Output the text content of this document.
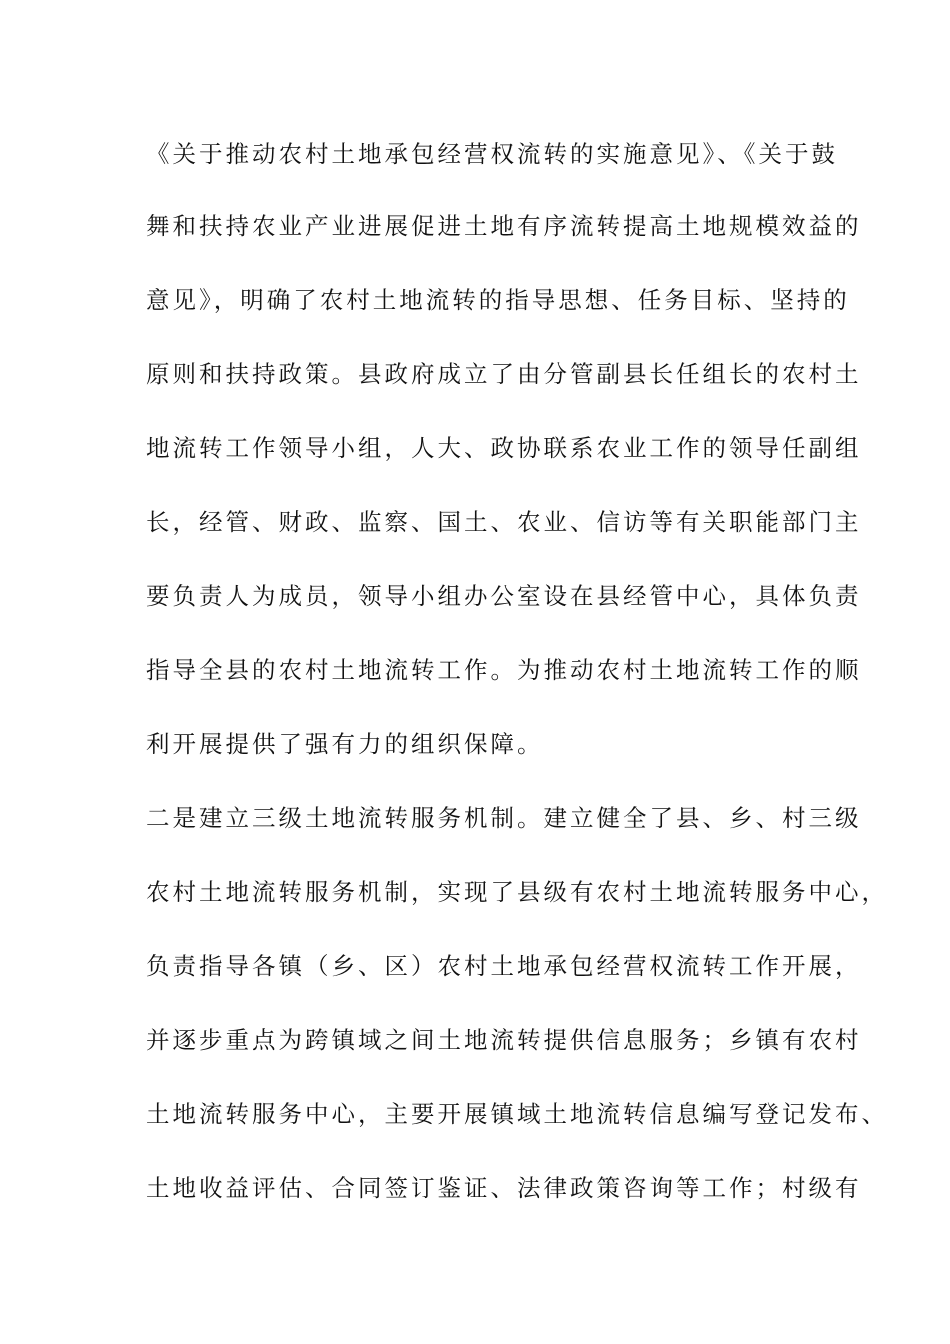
《关于推动农村土地承包经营权流转的实施意见》、《关于鼓
舞和扶持农业产业进展促进土地有序流转提高土地规模效益的
意见》，明确了农村土地流转的指导思想、任务目标、坚持的
原则和扶持政策。县政府成立了由分管副县长任组长的农村土
地流转工作领导小组，人大、政协联系农业工作的领导任副组
长，经管、财政、监察、国土、农业、信访等有关职能部门主
要负责人为成员，领导小组办公室设在县经管中心，具体负责
指导全县的农村土地流转工作。为推动农村土地流转工作的顺
利开展提供了强有力的组织保障。
二是建立三级土地流转服务机制。建立健全了县、乡、村三级
农村土地流转服务机制，实现了县级有农村土地流转服务中心，
负责指导各镇（乡、区）农村土地承包经营权流转工作开展，
并逐步重点为跨镇域之间土地流转提供信息服务；乡镇有农村
土地流转服务中心，主要开展镇域土地流转信息编写登记发布、
土地收益评估、合同签订鉴证、法律政策咨询等工作；村级有
